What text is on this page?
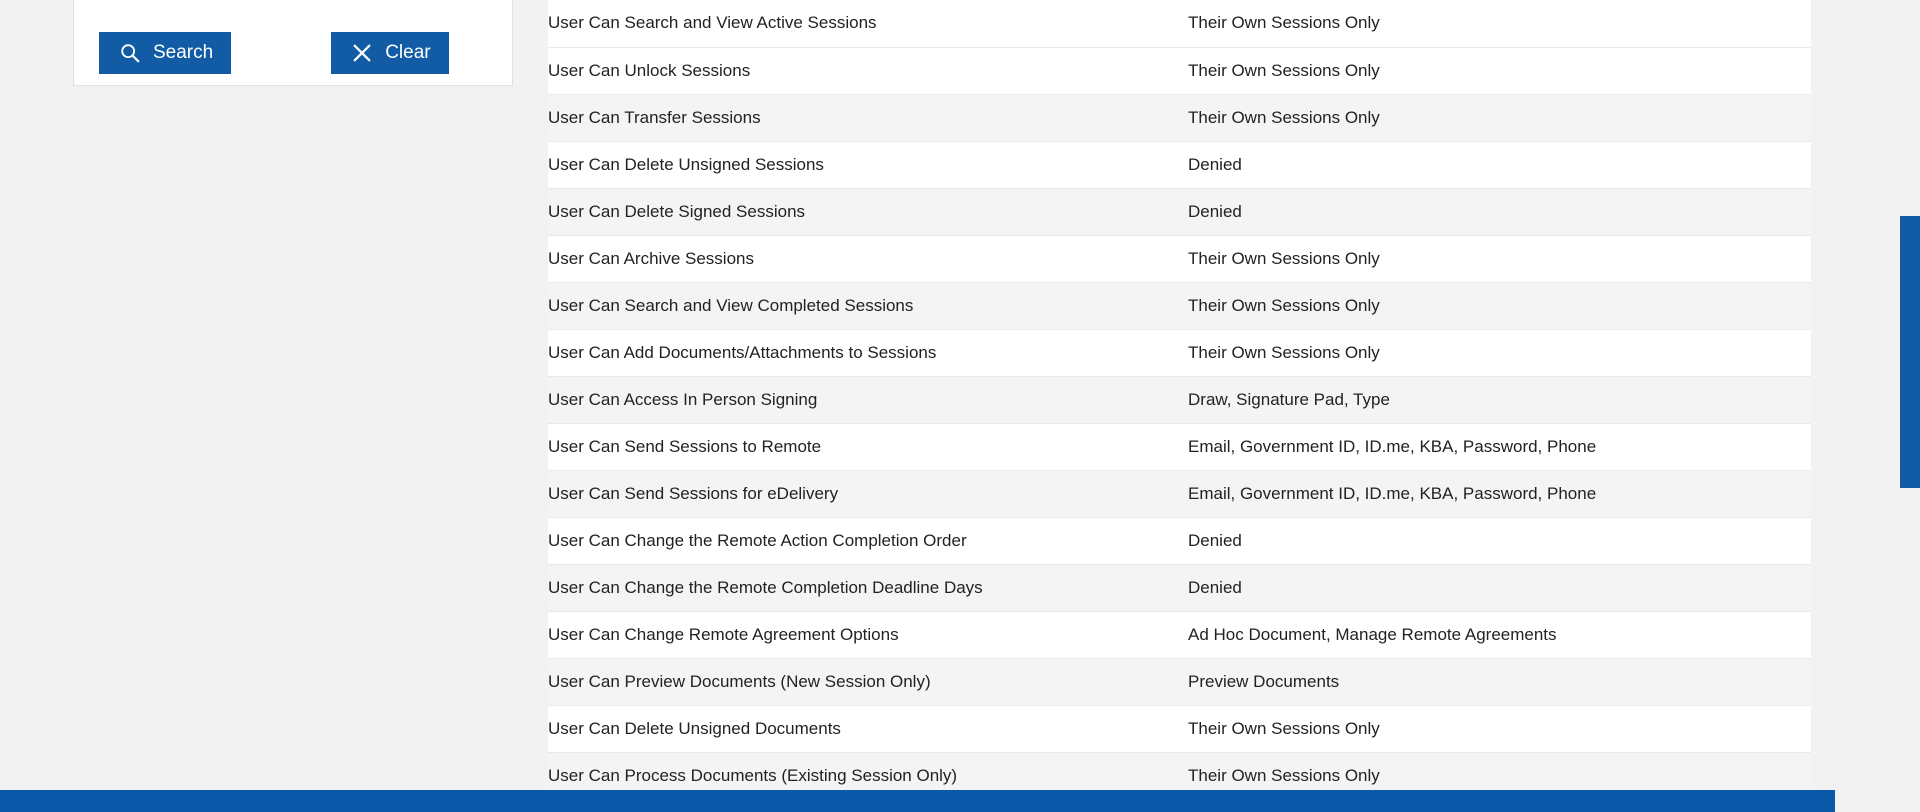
Search	Clear
User Can Search and View Active Sessions	Their Own Sessions Only
User Can Unlock Sessions	Their Own Sessions Only
User Can Transfer Sessions	Their Own Sessions Only
User Can Delete Unsigned Sessions	Denied
User Can Delete Signed Sessions	Denied
User Can Archive Sessions	Their Own Sessions Only
User Can Search and View Completed Sessions	Their Own Sessions Only
User Can Add Documents/Attachments to Sessions	Their Own Sessions Only
User Can Access In Person Signing	Draw, Signature Pad, Type
User Can Send Sessions to Remote	Email, Government ID, ID.me, KBA, Password, Phone
User Can Send Sessions for eDelivery	Email, Government ID, ID.me, KBA, Password, Phone
User Can Change the Remote Action Completion Order	Denied
User Can Change the Remote Completion Deadline Days	Denied
User Can Change Remote Agreement Options	Ad Hoc Document, Manage Remote Agreements
User Can Preview Documents (New Session Only)	Preview Documents
User Can Delete Unsigned Documents	Their Own Sessions Only
User Can Process Documents (Existing Session Only)	Their Own Sessions Only
